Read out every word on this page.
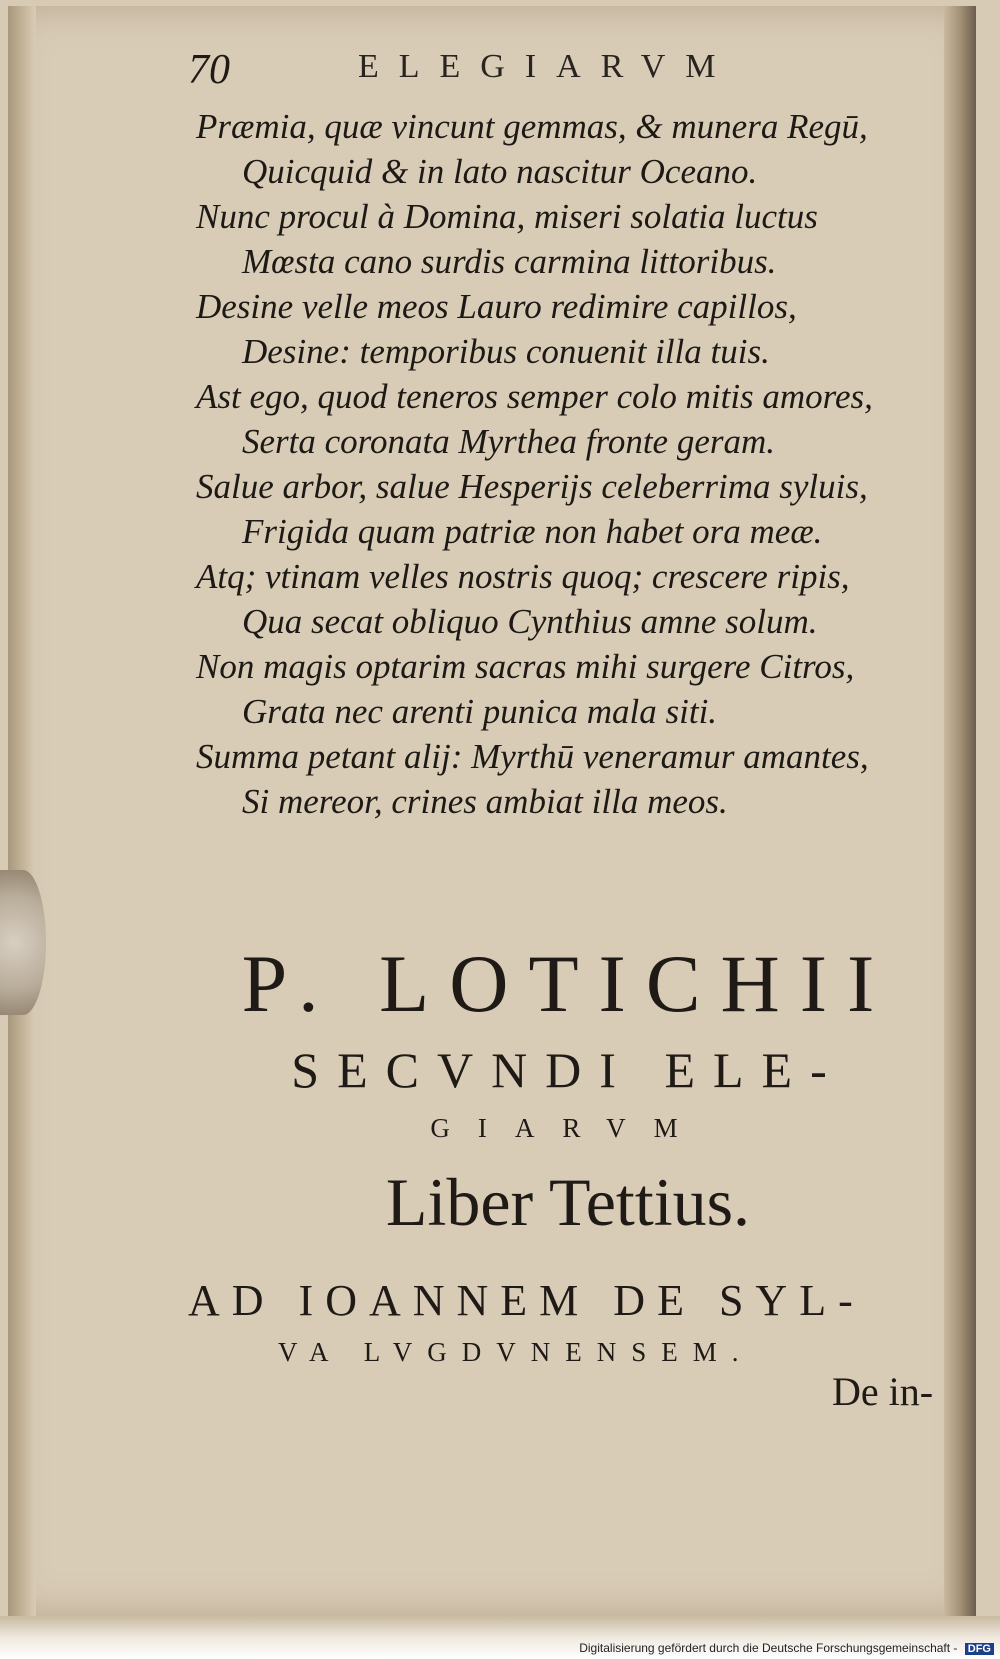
70	ELEGIARVM
Præmia, quæ vincunt gemmas, & munera Regū,
Quicquid & in lato nascitur Oceano.
Nunc procul à Domina, miseri solatia luctus
Mœsta cano surdis carmina littoribus.
Desine velle meos Lauro redimire capillos,
Desine: temporibus conuenit illa tuis.
Ast ego, quod teneros semper colo mitis amores,
Serta coronata Myrthea fronte geram.
Salue arbor, salue Hesperijs celeberrima syluis,
Frigida quam patriæ non habet ora meæ.
Atq; vtinam velles nostris quoq; crescere ripis,
Qua secat obliquo Cynthius amne solum.
Non magis optarim sacras mihi surgere Citros,
Grata nec arenti punica mala siti.
Summa petant alij: Myrthū veneramur amantes,
Si mereor, crines ambiat illa meos.
P. LOTICHII
SECVNDI ELE-
GIARVM
Liber Tettius.
AD IOANNEM DE SYL-
VA LVGDVNENSEM.
De in-
Digitalisierung gefördert durch die Deutsche Forschungsgemeinschaft - DFG
